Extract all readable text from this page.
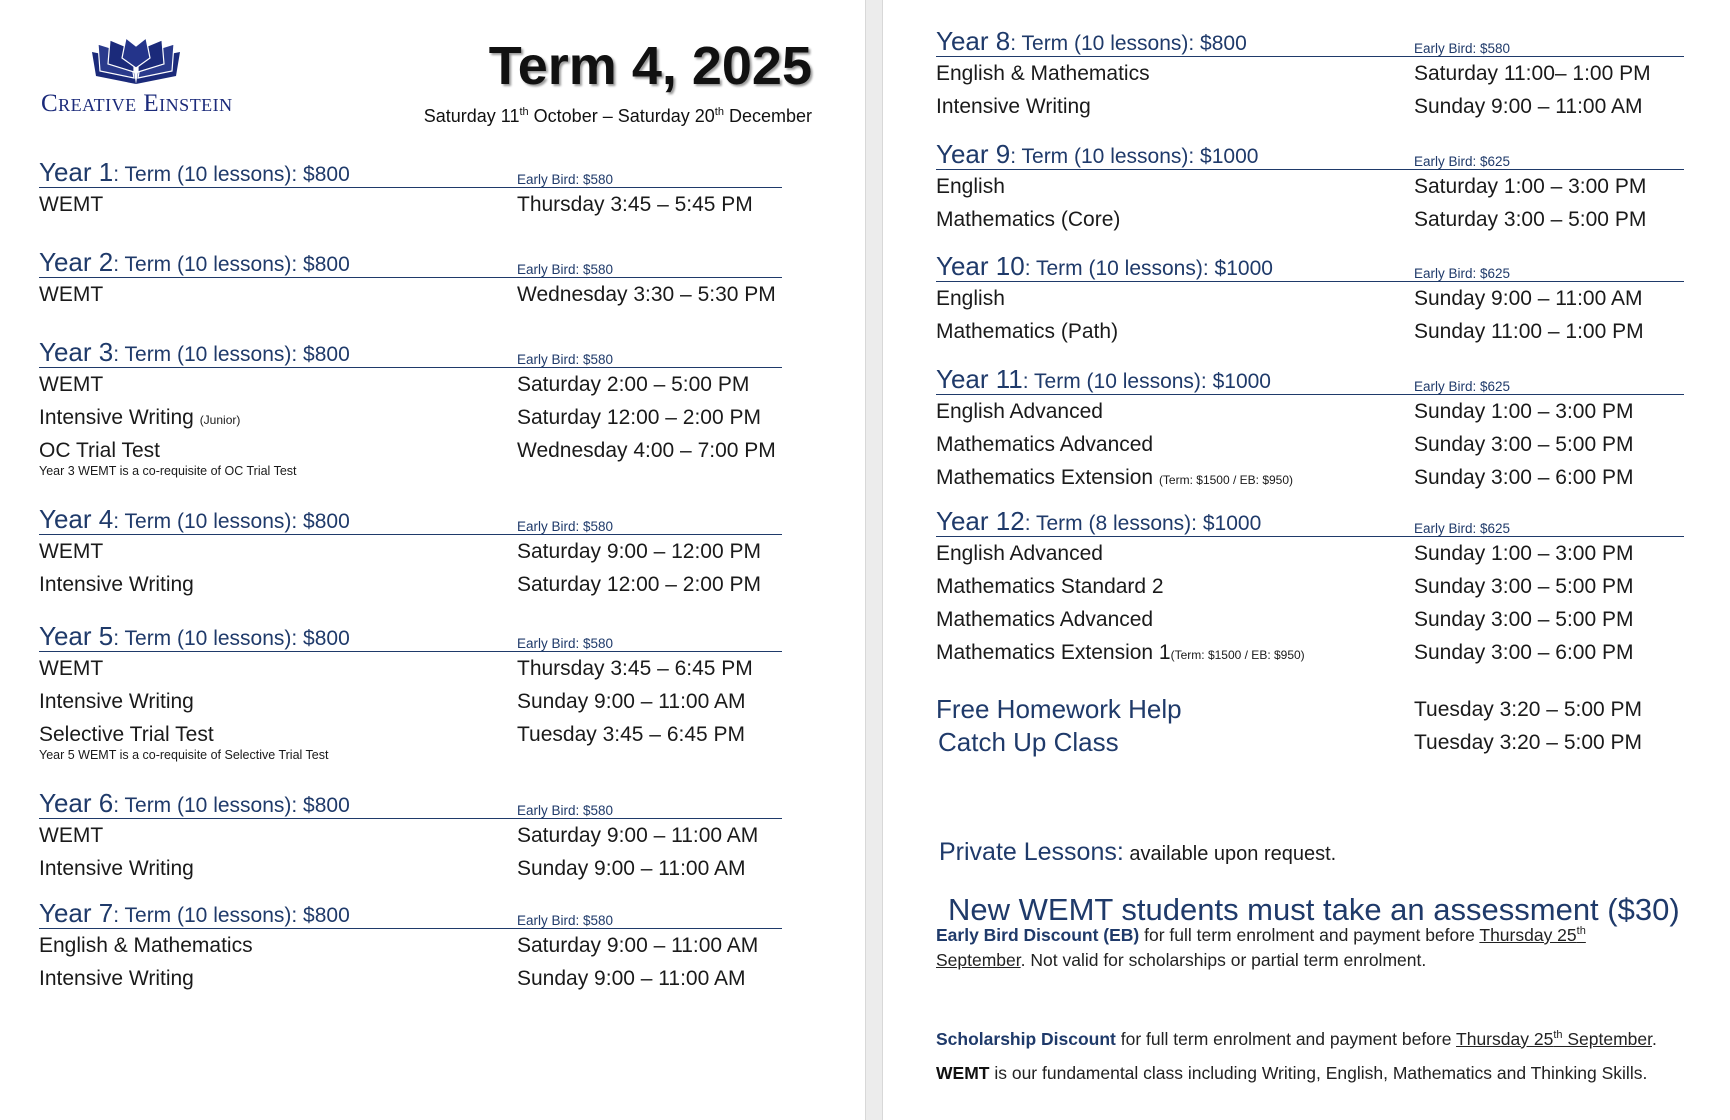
Creative Einstein
Term 4, 2025
Saturday 11th October – Saturday 20th December
Year 1: Term (10 lessons): $800	Early Bird: $580
WEMT	Thursday 3:45 – 5:45 PM
Year 2: Term (10 lessons): $800	Early Bird: $580
WEMT	Wednesday 3:30 – 5:30 PM
Year 3: Term (10 lessons): $800	Early Bird: $580
WEMT	Saturday 2:00 – 5:00 PM
Intensive Writing (Junior)	Saturday 12:00 – 2:00 PM
OC Trial Test	Wednesday 4:00 – 7:00 PM
Year 3 WEMT is a co-requisite of OC Trial Test
Year 4: Term (10 lessons): $800	Early Bird: $580
WEMT	Saturday 9:00 – 12:00 PM
Intensive Writing	Saturday 12:00 – 2:00 PM
Year 5: Term (10 lessons): $800	Early Bird: $580
WEMT	Thursday 3:45 – 6:45 PM
Intensive Writing	Sunday 9:00 – 11:00 AM
Selective Trial Test	Tuesday 3:45 – 6:45 PM
Year 5 WEMT is a co-requisite of Selective Trial Test
Year 6: Term (10 lessons): $800	Early Bird: $580
WEMT	Saturday 9:00 – 11:00 AM
Intensive Writing	Sunday 9:00 – 11:00 AM
Year 7: Term (10 lessons): $800	Early Bird: $580
English & Mathematics	Saturday 9:00 – 11:00 AM
Intensive Writing	Sunday 9:00 – 11:00 AM
Year 8: Term (10 lessons): $800	Early Bird: $580
English & Mathematics	Saturday 11:00– 1:00 PM
Intensive Writing	Sunday 9:00 – 11:00 AM
Year 9: Term (10 lessons): $1000	Early Bird: $625
English	Saturday 1:00 – 3:00 PM
Mathematics (Core)	Saturday 3:00 – 5:00 PM
Year 10: Term (10 lessons): $1000	Early Bird: $625
English	Sunday 9:00 – 11:00 AM
Mathematics (Path)	Sunday 11:00 – 1:00 PM
Year 11: Term (10 lessons): $1000	Early Bird: $625
English Advanced	Sunday 1:00 – 3:00 PM
Mathematics Advanced	Sunday 3:00 – 5:00 PM
Mathematics Extension (Term: $1500 / EB: $950)	Sunday 3:00 – 6:00 PM
Year 12: Term (8 lessons): $1000	Early Bird: $625
English Advanced	Sunday 1:00 – 3:00 PM
Mathematics Standard 2	Sunday 3:00 – 5:00 PM
Mathematics Advanced	Sunday 3:00 – 5:00 PM
Mathematics Extension 1(Term: $1500 / EB: $950)	Sunday 3:00 – 6:00 PM
Free Homework Help	Tuesday 3:20 – 5:00 PM
Catch Up Class	Tuesday 3:20 – 5:00 PM
Private Lessons: available upon request.
New WEMT students must take an assessment ($30)
Early Bird Discount (EB) for full term enrolment and payment before Thursday 25th
September. Not valid for scholarships or partial term enrolment.
Scholarship Discount for full term enrolment and payment before Thursday 25th September.
WEMT is our fundamental class including Writing, English, Mathematics and Thinking Skills.
